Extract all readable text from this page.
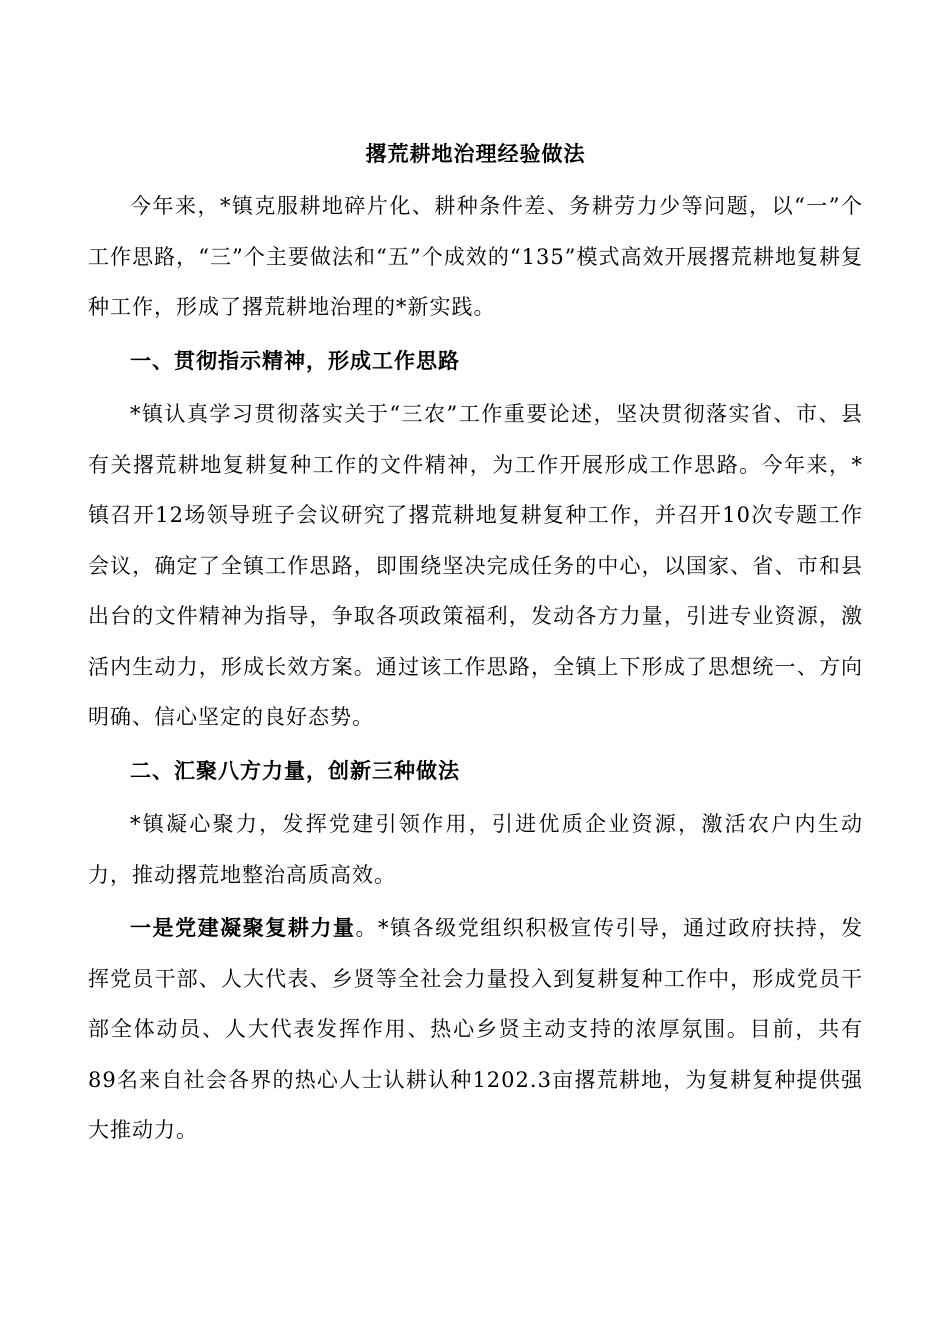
撂荒耕地治理经验做法

今年来，*镇克服耕地碎片化、耕种条件差、务耕劳力少等问题，以“一”个工作思路，“三”个主要做法和“五”个成效的“135”模式高效开展撂荒耕地复耕复种工作，形成了撂荒耕地治理的*新实践。

一、贯彻指示精神，形成工作思路

*镇认真学习贯彻落实关于“三农”工作重要论述，坚决贯彻落实省、市、县有关撂荒耕地复耕复种工作的文件精神，为工作开展形成工作思路。今年来，*镇召开12场领导班子会议研究了撂荒耕地复耕复种工作，并召开10次专题工作会议，确定了全镇工作思路，即围绕坚决完成任务的中心，以国家、省、市和县出台的文件精神为指导，争取各项政策福利，发动各方力量，引进专业资源，激活内生动力，形成长效方案。通过该工作思路，全镇上下形成了思想统一、方向明确、信心坚定的良好态势。

二、汇聚八方力量，创新三种做法

*镇凝心聚力，发挥党建引领作用，引进优质企业资源，激活农户内生动力，推动撂荒地整治高质高效。

一是党建凝聚复耕力量。*镇各级党组织积极宣传引导，通过政府扶持，发挥党员干部、人大代表、乡贤等全社会力量投入到复耕复种工作中，形成党员干部全体动员、人大代表发挥作用、热心乡贤主动支持的浓厚氛围。目前，共有89名来自社会各界的热心人士认耕认种1202.3亩撂荒耕地，为复耕复种提供强大推动力。
